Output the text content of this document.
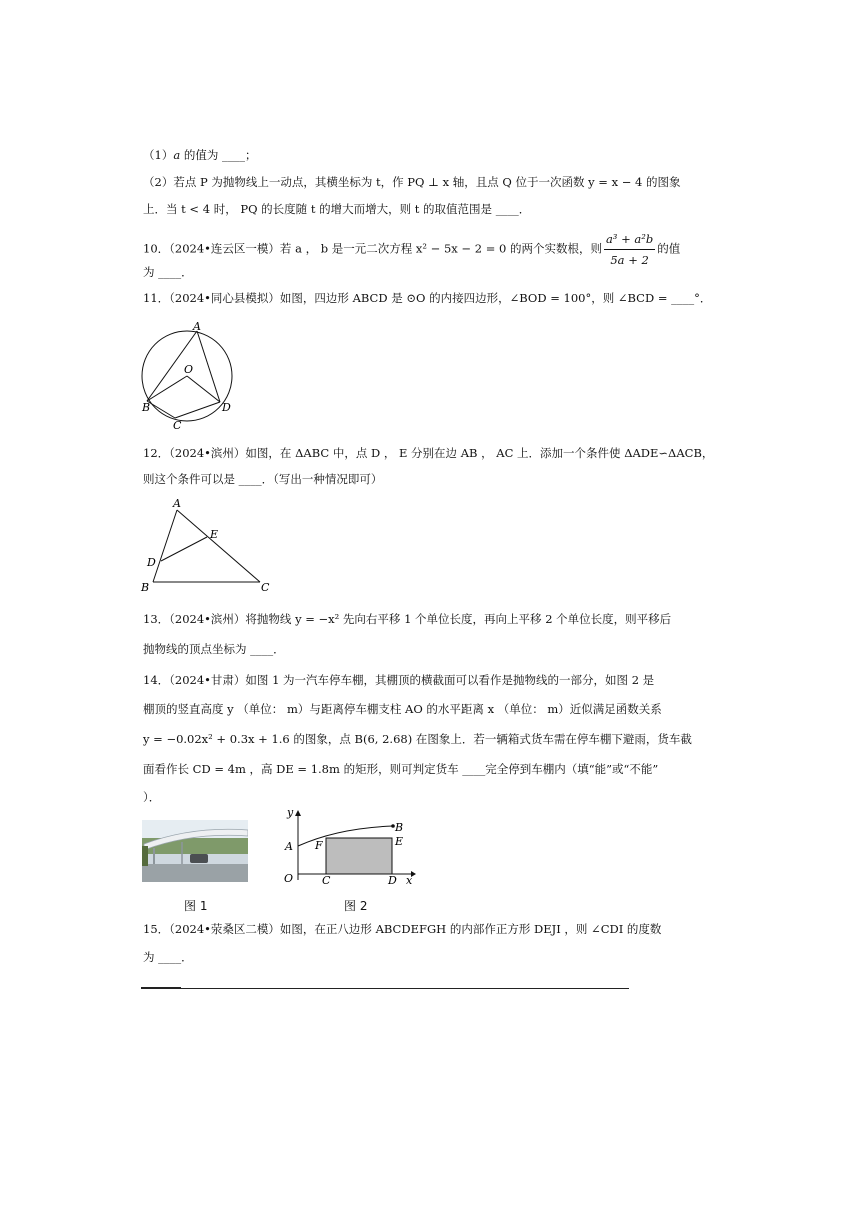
（1）a 的值为 ____；
（2）若点 P 为抛物线上一动点，其横坐标为 t，作 PQ ⊥ x 轴，且点 Q 位于一次函数 y = x − 4 的图象
上．当 t < 4 时， PQ 的长度随 t 的增大而增大，则 t 的取值范围是 ____．
10．（2024•连云区一模）若 a ， b 是一元二次方程 x² − 5x − 2 = 0 的两个实数根，则 $\frac{\text{a³ + a²b}}{5a + 2}$ 的值
为 ____．
11．（2024•同心县模拟）如图，四边形 ABCD 是 ⊙O 的内接四边形，∠BOD = 100°，则 ∠BCD = ____°．
A
O
B
C
D
12．（2024•滨州）如图，在 ΔABC 中，点 D ， E 分别在边 AB ， AC 上．添加一个条件使 ΔADE∽ΔACB，
则这个条件可以是 ____．（写出一种情况即可）
A
E
D
B	C
13．（2024•滨州）将抛物线 y = −x² 先向右平移 1 个单位长度，再向上平移 2 个单位长度，则平移后
抛物线的顶点坐标为 ____．
14．（2024•甘肃）如图 1 为一汽车停车棚，其棚顶的横截面可以看作是抛物线的一部分，如图 2 是
棚顶的竖直高度 y （单位： m）与距离停车棚支柱 AO 的水平距离 x （单位： m）近似满足函数关系
y = −0.02x² + 0.3x + 1.6 的图象，点 B(6, 2.68) 在图象上．若一辆箱式货车需在停车棚下避雨，货车截
面看作长 CD = 4m ，高 DE = 1.8m 的矩形，则可判定货车 ____完全停到车棚内（填“能”或“不能”
）．
图 1
y
x
O
A
B
C	D
E
F
图 2
15．（2024•荥桑区二模）如图，在正八边形 ABCDEFGH 的内部作正方形 DEJI ，则 ∠CDI 的度数
为 ____．
